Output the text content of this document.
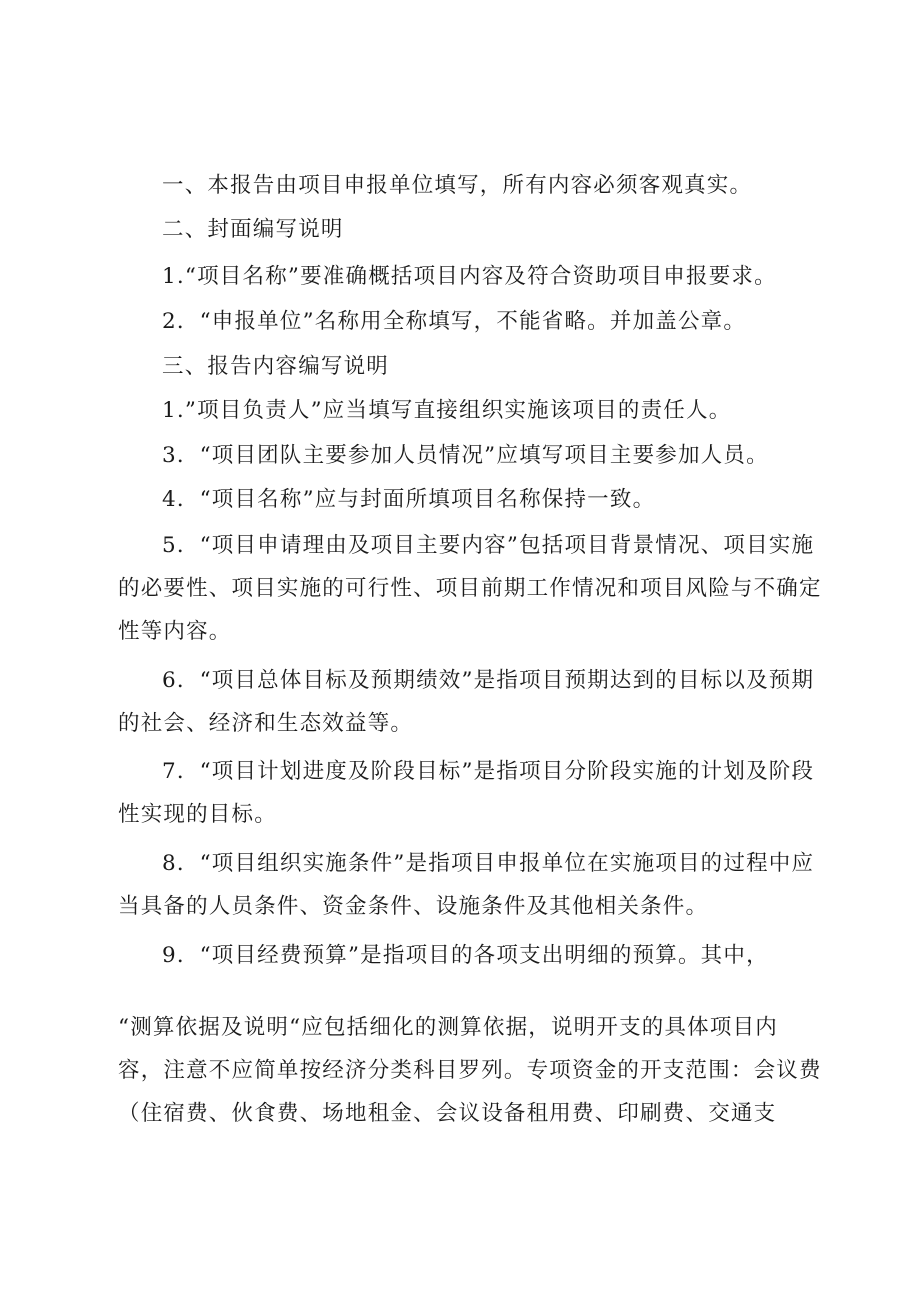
一、本报告由项目申报单位填写，所有内容必须客观真实。

二、封面编写说明

1.“项目名称”要准确概括项目内容及符合资助项目申报要求。

2．“申报单位”名称用全称填写，不能省略。并加盖公章。

三、报告内容编写说明

1.”项目负责人”应当填写直接组织实施该项目的责任人。

3．“项目团队主要参加人员情况”应填写项目主要参加人员。

4．“项目名称”应与封面所填项目名称保持一致。

5．“项目申请理由及项目主要内容”包括项目背景情况、项目实施的必要性、项目实施的可行性、项目前期工作情况和项目风险与不确定性等内容。

6．“项目总体目标及预期绩效”是指项目预期达到的目标以及预期的社会、经济和生态效益等。

7．“项目计划进度及阶段目标”是指项目分阶段实施的计划及阶段性实现的目标。

8．“项目组织实施条件”是指项目申报单位在实施项目的过程中应当具备的人员条件、资金条件、设施条件及其他相关条件。

9．“项目经费预算”是指项目的各项支出明细的预算。其中，

“测算依据及说明“应包括细化的测算依据，说明开支的具体项目内容，注意不应简单按经济分类科目罗列。专项资金的开支范围：会议费（住宿费、伙食费、场地租金、会议设备租用费、印刷费、交通支
